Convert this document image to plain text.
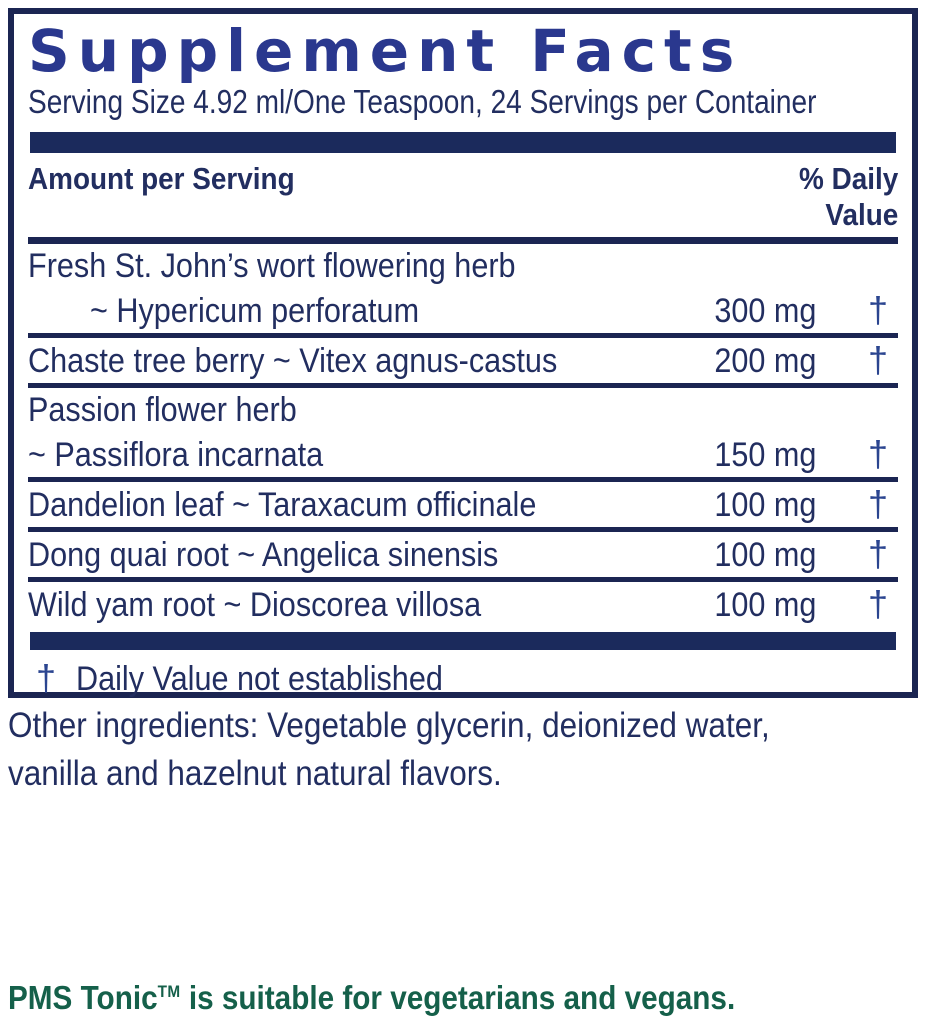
Supplement Facts
Serving Size 4.92 ml/One Teaspoon, 24 Servings per Container
Amount per Serving	% Daily
Value
Fresh St. John’s wort flowering herb
~ Hypericum perforatum	300 mg	†
Chaste tree berry ~ Vitex agnus-castus	200 mg	†
Passion flower herb
~ Passiflora incarnata	150 mg	†
Dandelion leaf ~ Taraxacum officinale	100 mg	†
Dong quai root ~ Angelica sinensis	100 mg	†
Wild yam root ~ Dioscorea villosa	100 mg	†
† Daily Value not established
Other ingredients: Vegetable glycerin, deionized water,
vanilla and hazelnut natural flavors.
PMS Tonic™ is suitable for vegetarians and vegans.
